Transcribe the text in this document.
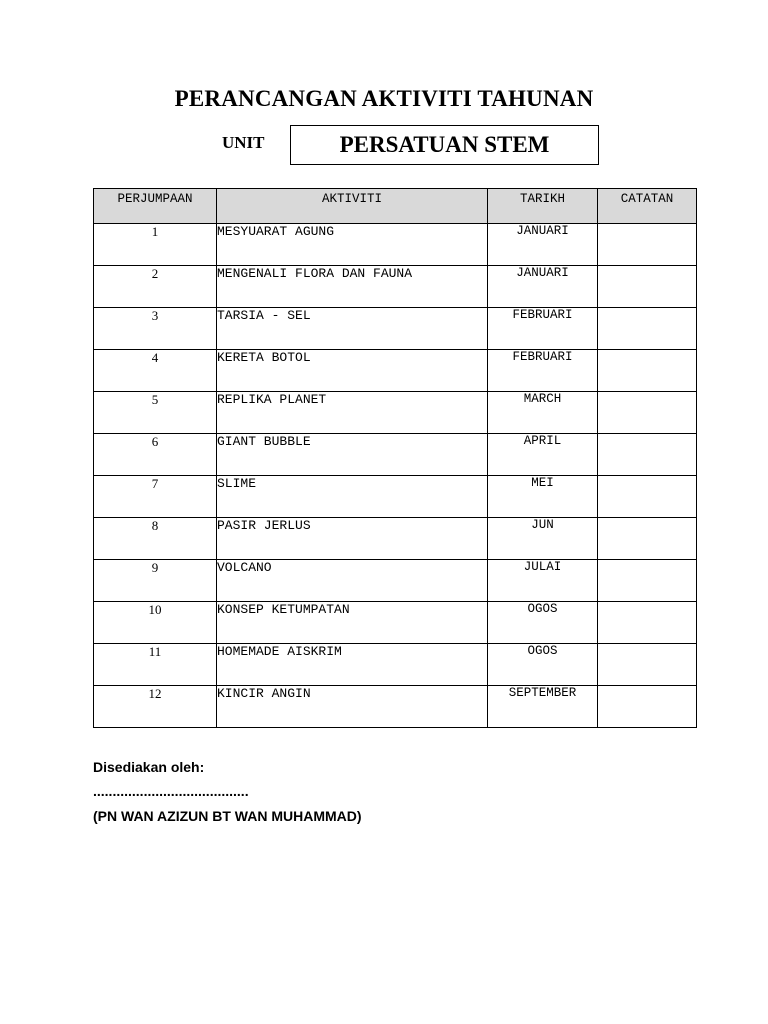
PERANCANGAN AKTIVITI TAHUNAN
UNIT	PERSATUAN STEM
PERJUMPAAN	AKTIVITI	TARIKH	CATATAN
1	MESYUARAT AGUNG	JANUARI	
2	MENGENALI FLORA DAN FAUNA	JANUARI	
3	TARSIA - SEL	FEBRUARI	
4	KERETA BOTOL	FEBRUARI	
5	REPLIKA PLANET	MARCH	
6	GIANT BUBBLE	APRIL	
7	SLIME	MEI	
8	PASIR JERLUS	JUN	
9	VOLCANO	JULAI	
10	KONSEP KETUMPATAN	OGOS	
11	HOMEMADE AISKRIM	OGOS	
12	KINCIR ANGIN	SEPTEMBER	
Disediakan oleh:
........................................
(PN WAN AZIZUN BT WAN MUHAMMAD)
